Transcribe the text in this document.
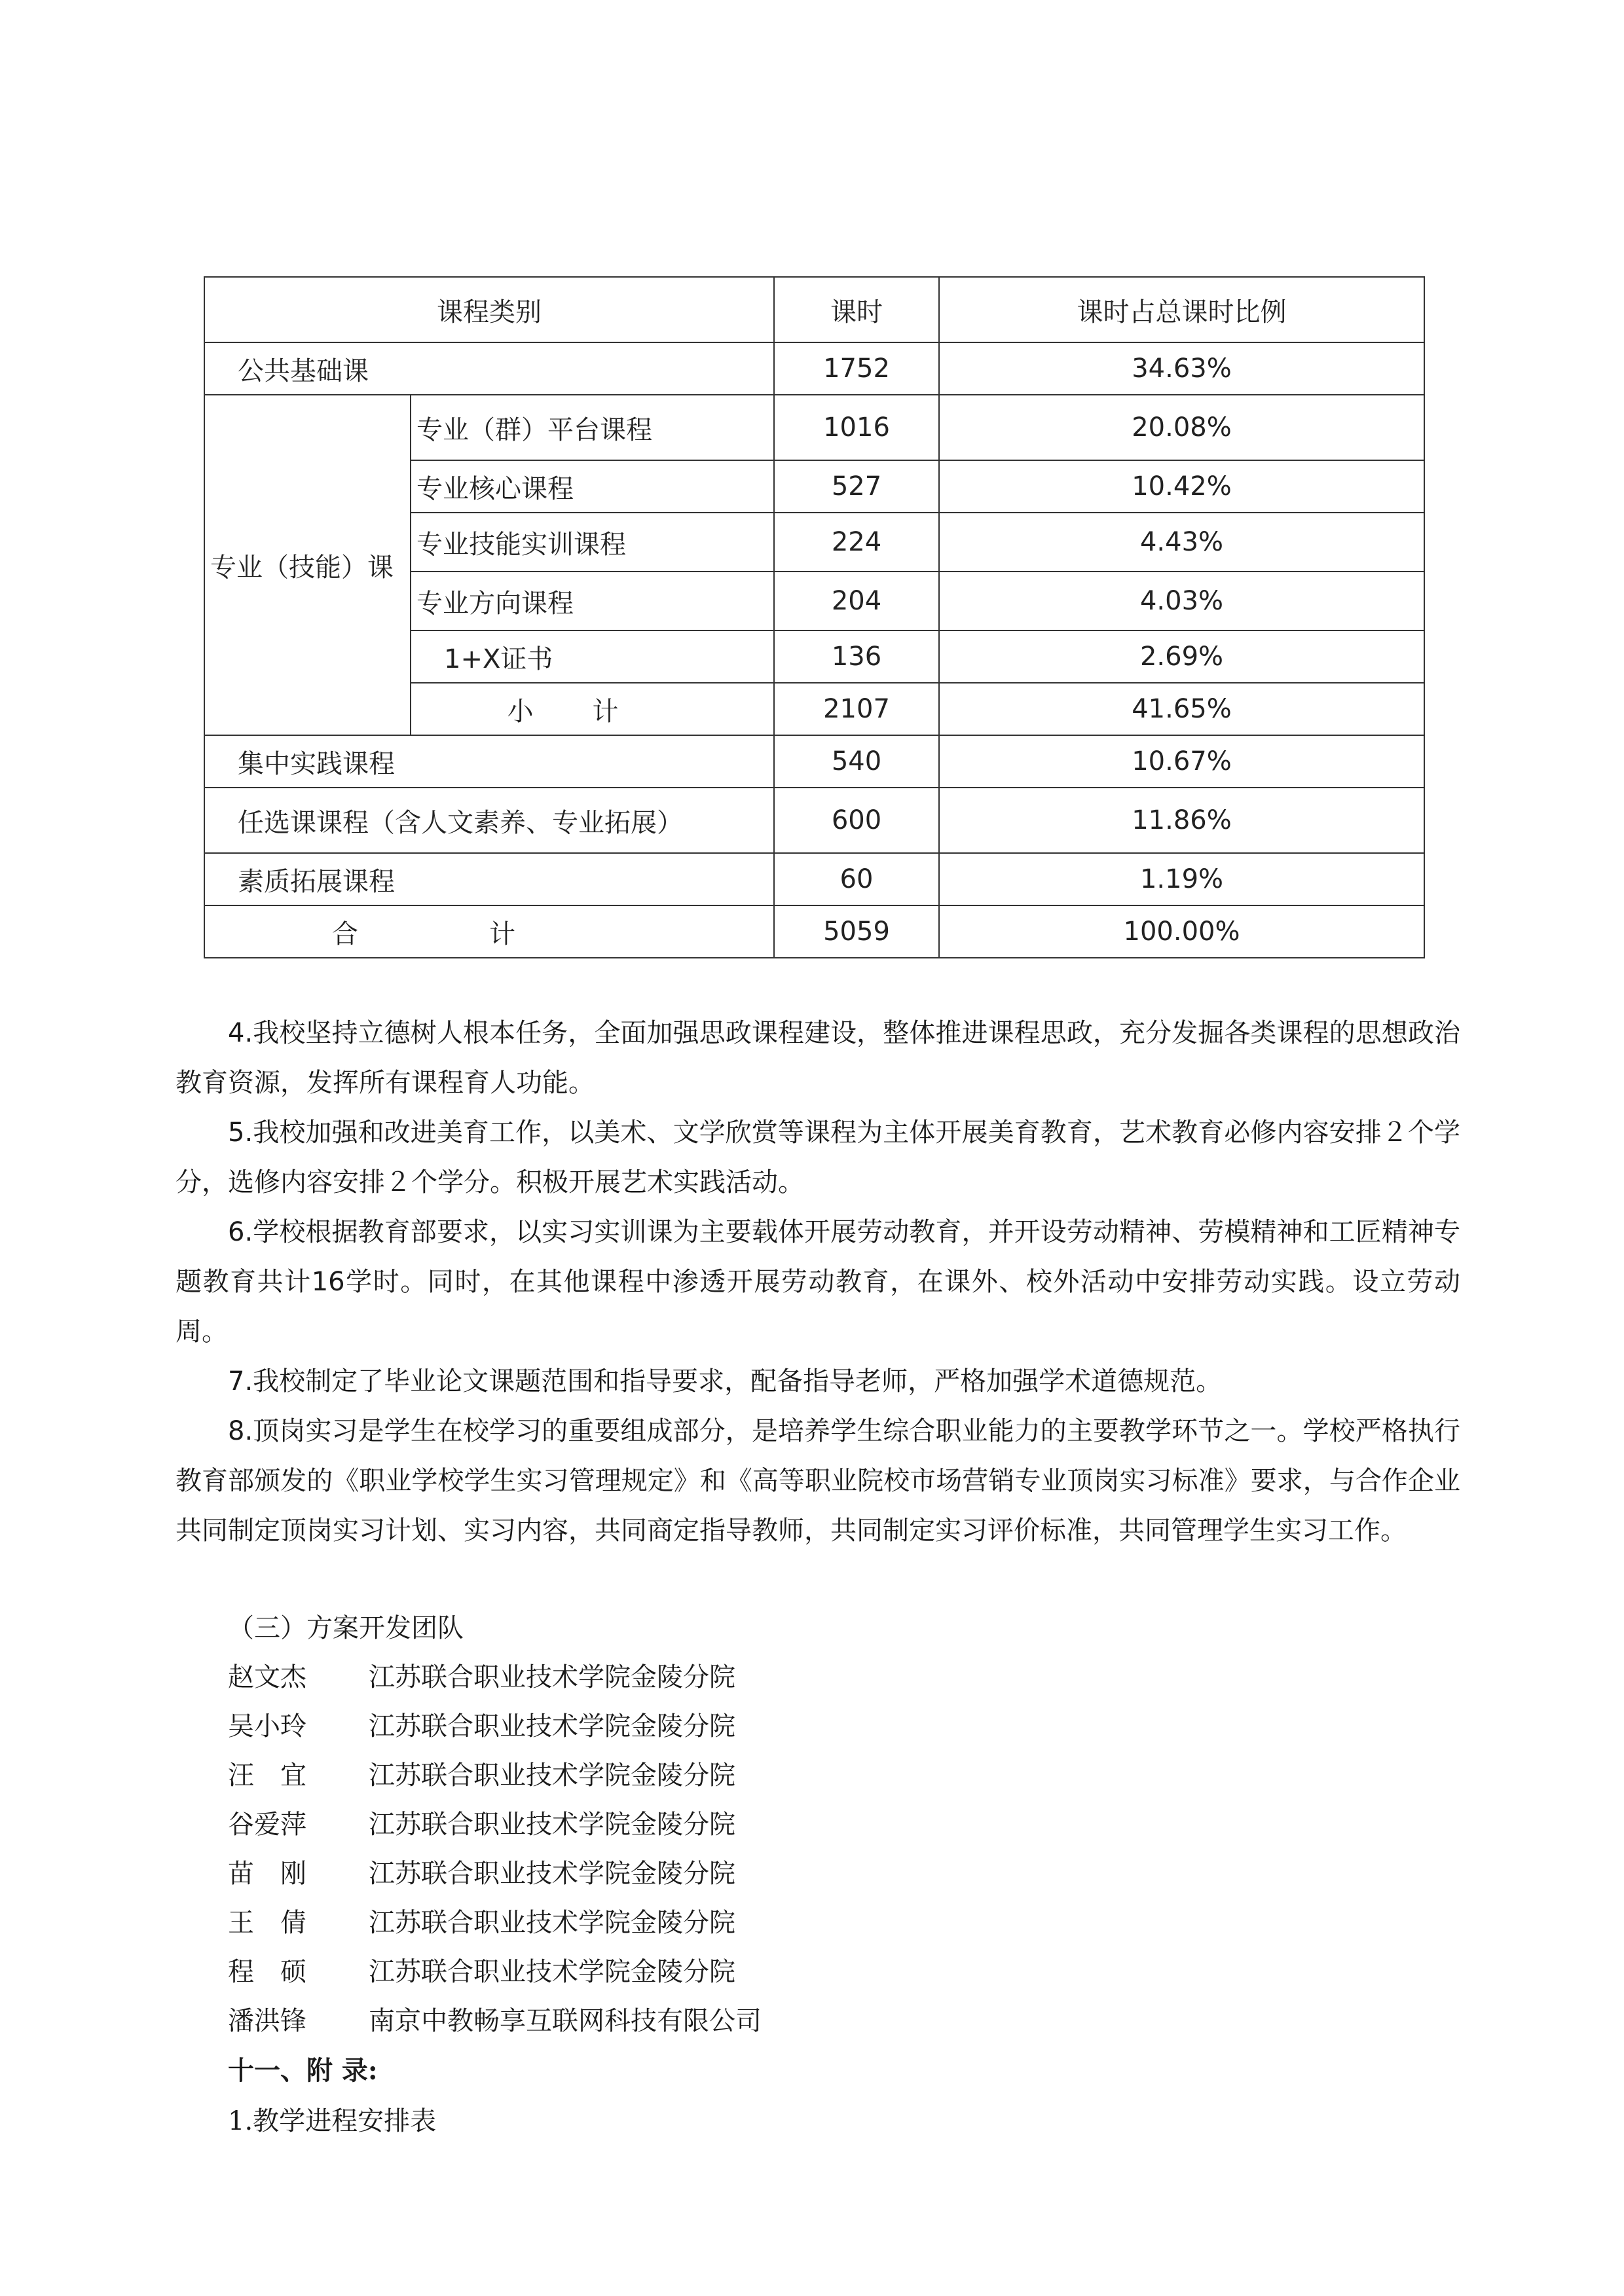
课程类别		课时	课时占总课时比例
公共基础课		1752	34.63%
专业（技能）课	专业（群）平台课程	1016	20.08%
	专业核心课程	527	10.42%
	专业技能实训课程	224	4.43%
	专业方向课程	204	4.03%
	1+X证书	136	2.69%
	小计	2107	41.65%
集中实践课程		540	10.67%
任选课课程（含人文素养、专业拓展）		600	11.86%
素质拓展课程		60	1.19%
合计		5059	100.00%

4.我校坚持立德树人根本任务，全面加强思政课程建设，整体推进课程思政，充分发掘各类课程的思想政治教育资源，发挥所有课程育人功能。

5.我校加强和改进美育工作，以美术、文学欣赏等课程为主体开展美育教育，艺术教育必修内容安排２个学分，选修内容安排２个学分。积极开展艺术实践活动。

6.学校根据教育部要求，以实习实训课为主要载体开展劳动教育，并开设劳动精神、劳模精神和工匠精神专题教育共计16学时。同时，在其他课程中渗透开展劳动教育，在课外、校外活动中安排劳动实践。设立劳动周。

7.我校制定了毕业论文课题范围和指导要求，配备指导老师，严格加强学术道德规范。

8.顶岗实习是学生在校学习的重要组成部分，是培养学生综合职业能力的主要教学环节之一。学校严格执行教育部颁发的《职业学校学生实习管理规定》和《高等职业院校市场营销专业顶岗实习标准》要求，与合作企业共同制定顶岗实习计划、实习内容，共同商定指导教师，共同制定实习评价标准，共同管理学生实习工作。

（三）方案开发团队

赵文杰 江苏联合职业技术学院金陵分院

吴小玲 江苏联合职业技术学院金陵分院

汪宜 江苏联合职业技术学院金陵分院

谷爱萍 江苏联合职业技术学院金陵分院

苗刚 江苏联合职业技术学院金陵分院

王倩 江苏联合职业技术学院金陵分院

程硕 江苏联合职业技术学院金陵分院

潘洪锋 南京中教畅享互联网科技有限公司

十一、附 录:

1.教学进程安排表
